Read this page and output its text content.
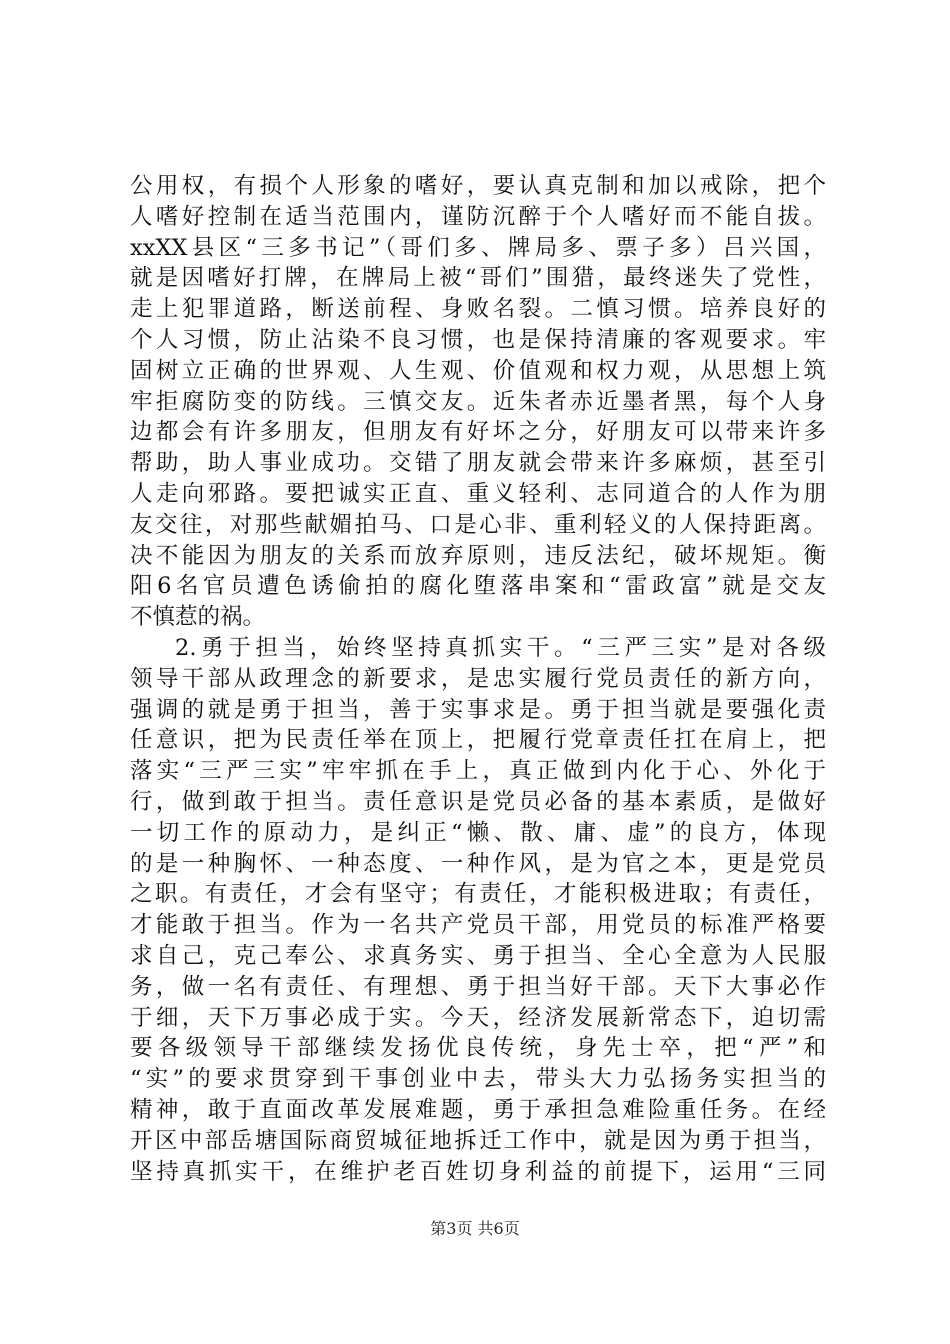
公用权，有损个人形象的嗜好，要认真克制和加以戒除，把个
人嗜好控制在适当范围内，谨防沉醉于个人嗜好而不能自拔。
xxXX县区“三多书记”（哥们多、牌局多、票子多）吕兴国，
就是因嗜好打牌，在牌局上被“哥们”围猎，最终迷失了党性，
走上犯罪道路，断送前程、身败名裂。二慎习惯。培养良好的
个人习惯，防止沾染不良习惯，也是保持清廉的客观要求。牢
固树立正确的世界观、人生观、价值观和权力观，从思想上筑
牢拒腐防变的防线。三慎交友。近朱者赤近墨者黑，每个人身
边都会有许多朋友，但朋友有好坏之分，好朋友可以带来许多
帮助，助人事业成功。交错了朋友就会带来许多麻烦，甚至引
人走向邪路。要把诚实正直、重义轻利、志同道合的人作为朋
友交往，对那些献媚拍马、口是心非、重利轻义的人保持距离。
决不能因为朋友的关系而放弃原则，违反法纪，破坏规矩。衡
阳6名官员遭色诱偷拍的腐化堕落串案和“雷政富”就是交友
不慎惹的祸。
2.勇于担当，始终坚持真抓实干。“三严三实”是对各级
领导干部从政理念的新要求，是忠实履行党员责任的新方向，
强调的就是勇于担当，善于实事求是。勇于担当就是要强化责
任意识，把为民责任举在顶上，把履行党章责任扛在肩上，把
落实“三严三实”牢牢抓在手上，真正做到内化于心、外化于
行，做到敢于担当。责任意识是党员必备的基本素质，是做好
一切工作的原动力，是纠正“懒、散、庸、虚”的良方，体现
的是一种胸怀、一种态度、一种作风，是为官之本，更是党员
之职。有责任，才会有坚守；有责任，才能积极进取；有责任，
才能敢于担当。作为一名共产党员干部，用党员的标准严格要
求自己，克己奉公、求真务实、勇于担当、全心全意为人民服
务，做一名有责任、有理想、勇于担当好干部。天下大事必作
于细，天下万事必成于实。今天，经济发展新常态下，迫切需
要各级领导干部继续发扬优良传统，身先士卒，把“严”和
“实”的要求贯穿到干事创业中去，带头大力弘扬务实担当的
精神，敢于直面改革发展难题，勇于承担急难险重任务。在经
开区中部岳塘国际商贸城征地拆迁工作中，就是因为勇于担当，
坚持真抓实干，在维护老百姓切身利益的前提下，运用“三同
第3页 共6页
